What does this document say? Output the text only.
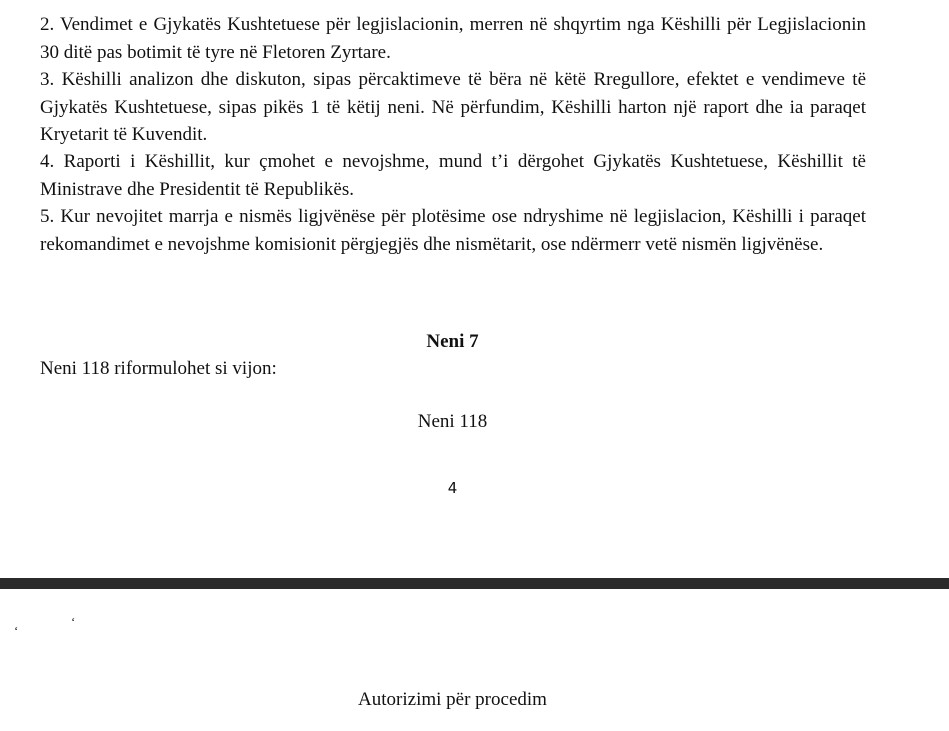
2. Vendimet e Gjykatës Kushtetuese për legjislacionin, merren në shqyrtim nga Këshilli për Legjislacionin 30 ditë pas botimit të tyre në Fletoren Zyrtare.
3. Këshilli analizon dhe diskuton, sipas përcaktimeve të bëra në këtë Rregullore, efektet e vendimeve të Gjykatës Kushtetuese, sipas pikës 1 të këtij neni. Në përfundim, Këshilli harton një raport dhe ia paraqet Kryetarit të Kuvendit.
4. Raporti i Këshillit, kur çmohet e nevojshme, mund t’i dërgohet Gjykatës Kushtetuese, Këshillit të Ministrave dhe Presidentit të Republikës.
5. Kur nevojitet marrja e nismës ligjvënëse për plotësime ose ndryshime në legjislacion, Këshilli i paraqet rekomandimet e nevojshme komisionit përgjegjës dhe nismëtarit, ose ndërmerr vetë nismën ligjvënëse.
Neni 7
Neni 118 riformulohet si vijon:
Neni 118
4
‘
‘
Autorizimi për procedim
